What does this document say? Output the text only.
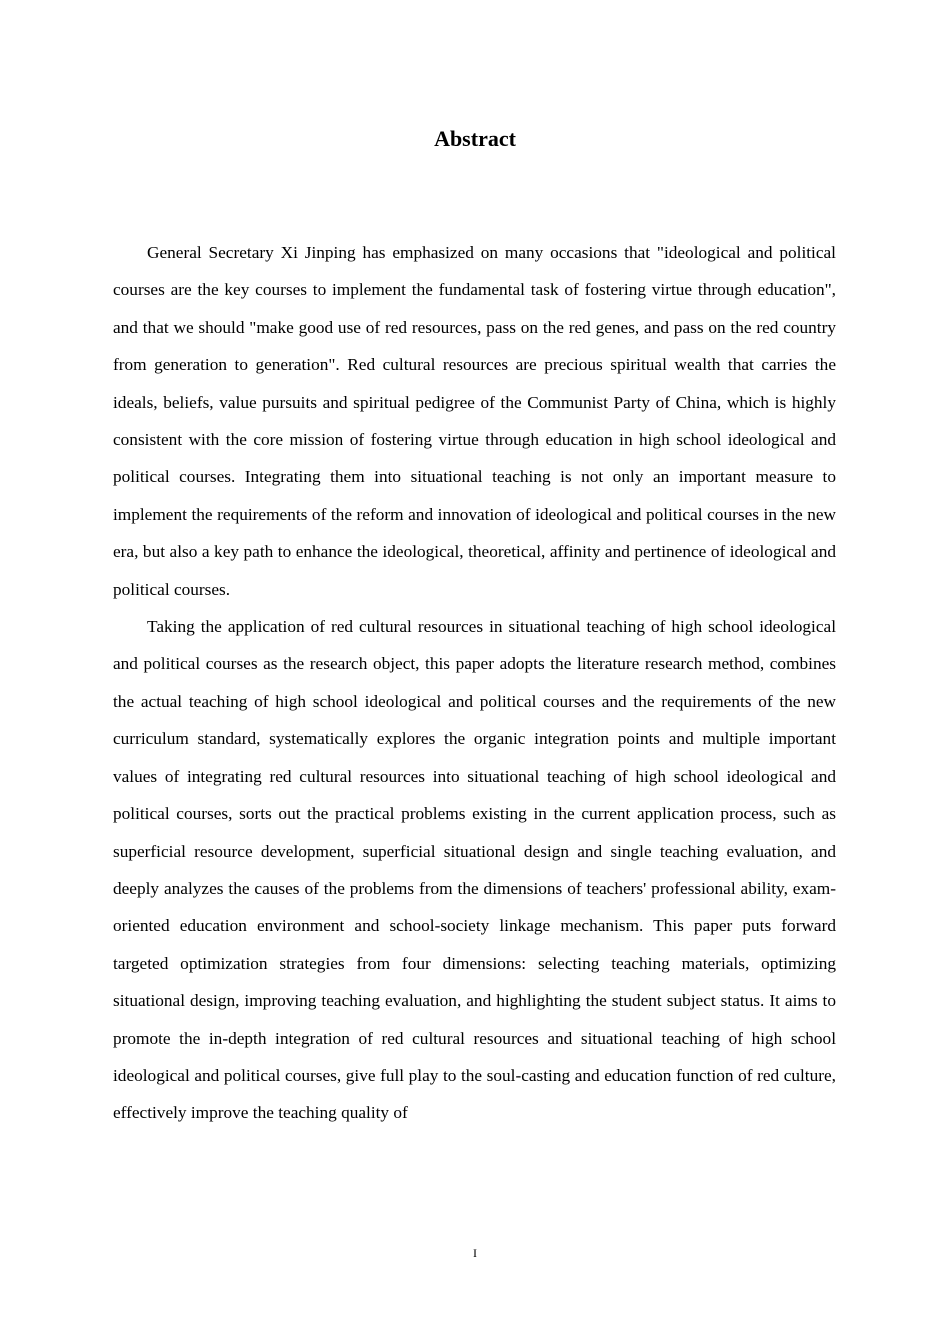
Abstract

General Secretary Xi Jinping has emphasized on many occasions that "ideological and political courses are the key courses to implement the fundamental task of fostering virtue through education", and that we should "make good use of red resources, pass on the red genes, and pass on the red country from generation to generation". Red cultural resources are precious spiritual wealth that carries the ideals, beliefs, value pursuits and spiritual pedigree of the Communist Party of China, which is highly consistent with the core mission of fostering virtue through education in high school ideological and political courses. Integrating them into situational teaching is not only an important measure to implement the requirements of the reform and innovation of ideological and political courses in the new era, but also a key path to enhance the ideological, theoretical, affinity and pertinence of ideological and political courses.

Taking the application of red cultural resources in situational teaching of high school ideological and political courses as the research object, this paper adopts the literature research method, combines the actual teaching of high school ideological and political courses and the requirements of the new curriculum standard, systematically explores the organic integration points and multiple important values of integrating red cultural resources into situational teaching of high school ideological and political courses, sorts out the practical problems existing in the current application process, such as superficial resource development, superficial situational design and single teaching evaluation, and deeply analyzes the causes of the problems from the dimensions of teachers' professional ability, exam-oriented education environment and school-society linkage mechanism. This paper puts forward targeted optimization strategies from four dimensions: selecting teaching materials, optimizing situational design, improving teaching evaluation, and highlighting the student subject status. It aims to promote the in-depth integration of red cultural resources and situational teaching of high school ideological and political courses, give full play to the soul-casting and education function of red culture, effectively improve the teaching quality of

I
